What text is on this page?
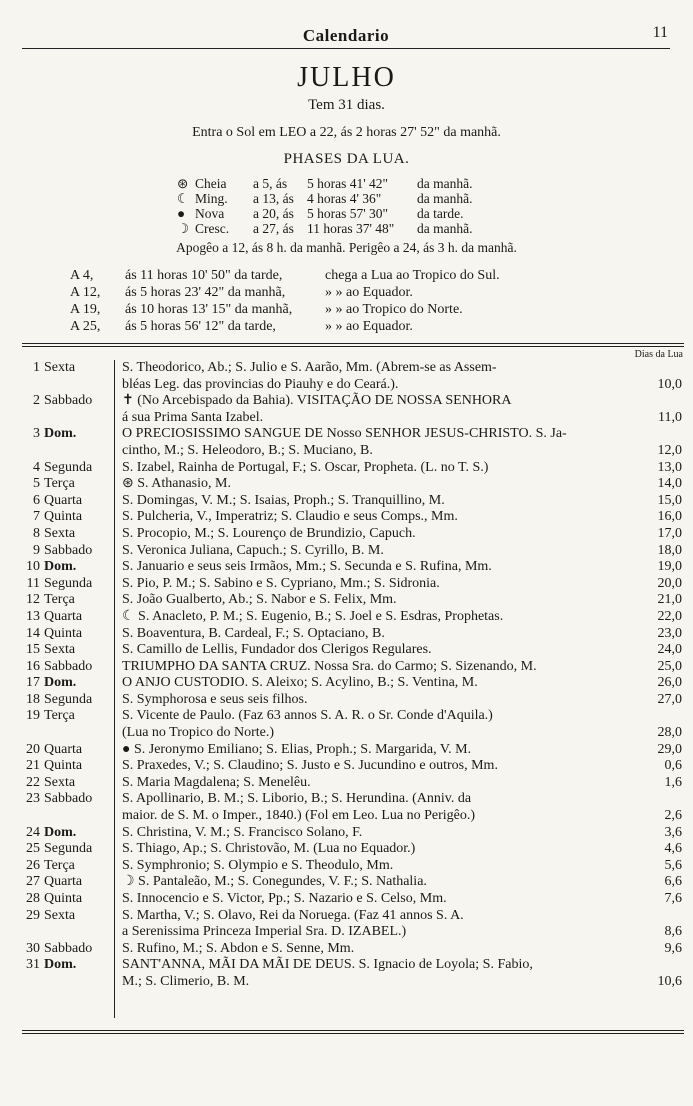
Calendario	11
JULHO
Tem 31 dias.
Entra o Sol em LEO a 22, ás 2 horas 27' 52" da manhã.
PHASES DA LUA.
⊛ Cheia a 5, ás 5 horas 41' 42" da manhã.
☾ Ming. a 13, ás 4 horas 4' 36"	da manhã.
● Nova a 20, ás 5 horas 57' 30" da tarde.
☽ Cresc. a 27, ás 11 horas 37' 48" da manhã.
Apogêo a 12, ás 8 h. da manhã. Perigêo a 24, ás 3 h. da manhã.
A 4, ás 11 horas 10' 50" da tarde,	chega a Lua ao Tropico do Sul.
A 12, ás 5 horas 23' 42" da manhã,	» » ao Equador.
A 19, ás 10 horas 13' 15" da manhã, » » ao Tropico do Norte.
A 25, ás 5 horas 56' 12" da tarde,	» » ao Equador.
Dias da Lua
1 Sexta	S. Theodorico, Ab.; S. Julio e S. Aarão, Mm. (Abrem-se as Assem-
bléas Leg. das provincias do Piauhy e do Ceará.).	10,0
2 Sabbado ✝ (No Arcebispado da Bahia). VISITAÇÃO DE NOSSA SENHORA
á sua Prima Santa Izabel.	11,0
3 Dom.	O PRECIOSISSIMO SANGUE DE Nosso SENHOR JESUS-CHRISTO. S. Ja-
cintho, M.; S. Heleodoro, B.; S. Muciano, B.	12,0
4 Segunda S. Izabel, Rainha de Portugal, F.; S. Oscar, Propheta. (L. no T. S.)	13,0
5 Terça	⊛ S. Athanasio, M.	14,0
6 Quarta	S. Domingas, V. M.; S. Isaias, Proph.; S. Tranquillino, M.	15,0
7 Quinta	S. Pulcheria, V., Imperatriz; S. Claudio e seus Comps., Mm.	16,0
8 Sexta	S. Procopio, M.; S. Lourenço de Brundizio, Capuch.	17,0
9 Sabbado S. Veronica Juliana, Capuch.; S. Cyrillo, B. M.	18,0
10 Dom.	S. Januario e seus seis Irmãos, Mm.; S. Secunda e S. Rufina, Mm.	19,0
11 Segunda S. Pio, P. M.; S. Sabino e S. Cypriano, Mm.; S. Sidronia.	20,0
12 Terça	S. João Gualberto, Ab.; S. Nabor e S. Felix, Mm.	21,0
13 Quarta	☾ S. Anacleto, P. M.; S. Eugenio, B.; S. Joel e S. Esdras, Prophetas.	22,0
14 Quinta	S. Boaventura, B. Cardeal, F.; S. Optaciano, B.	23,0
15 Sexta	S. Camillo de Lellis, Fundador dos Clerigos Regulares.	24,0
16 Sabbado TRIUMPHO DA SANTA CRUZ. Nossa Sra. do Carmo; S. Sizenando, M.	25,0
17 Dom.	O ANJO CUSTODIO. S. Aleixo; S. Acylino, B.; S. Ventina, M.	26,0
18 Segunda S. Symphorosa e seus seis filhos.	27,0
19 Terça	S. Vicente de Paulo. (Faz 63 annos S. A. R. o Sr. Conde d'Aquila.)
(Lua no Tropico do Norte.)	28,0
20 Quarta	● S. Jeronymo Emiliano; S. Elias, Proph.; S. Margarida, V. M.	29,0
21 Quinta	S. Praxedes, V.; S. Claudino; S. Justo e S. Jucundino e outros, Mm.	0,6
22 Sexta	S. Maria Magdalena; S. Menelêu.	1,6
23 Sabbado S. Apollinario, B. M.; S. Liborio, B.; S. Herundina. (Anniv. da
maior. de S. M. o Imper., 1840.) (Fol em Leo. Lua no Perigêo.)	2,6
24 Dom.	S. Christina, V. M.; S. Francisco Solano, F.	3,6
25 Segunda S. Thiago, Ap.; S. Christovão, M. (Lua no Equador.)	4,6
26 Terça	S. Symphronio; S. Olympio e S. Theodulo, Mm.	5,6
27 Quarta	☽ S. Pantaleão, M.; S. Conegundes, V. F.; S. Nathalia.	6,6
28 Quinta	S. Innocencio e S. Victor, Pp.; S. Nazario e S. Celso, Mm.	7,6
29 Sexta	S. Martha, V.; S. Olavo, Rei da Noruega. (Faz 41 annos S. A.
a Serenissima Princeza Imperial Sra. D. IZABEL.)	8,6
30 Sabbado S. Rufino, M.; S. Abdon e S. Senne, Mm.	9,6
31 Dom.	SANT'ANNA, MÃI DA MÃI DE DEUS. S. Ignacio de Loyola; S. Fabio,
M.; S. Climerio, B. M.	10,6
